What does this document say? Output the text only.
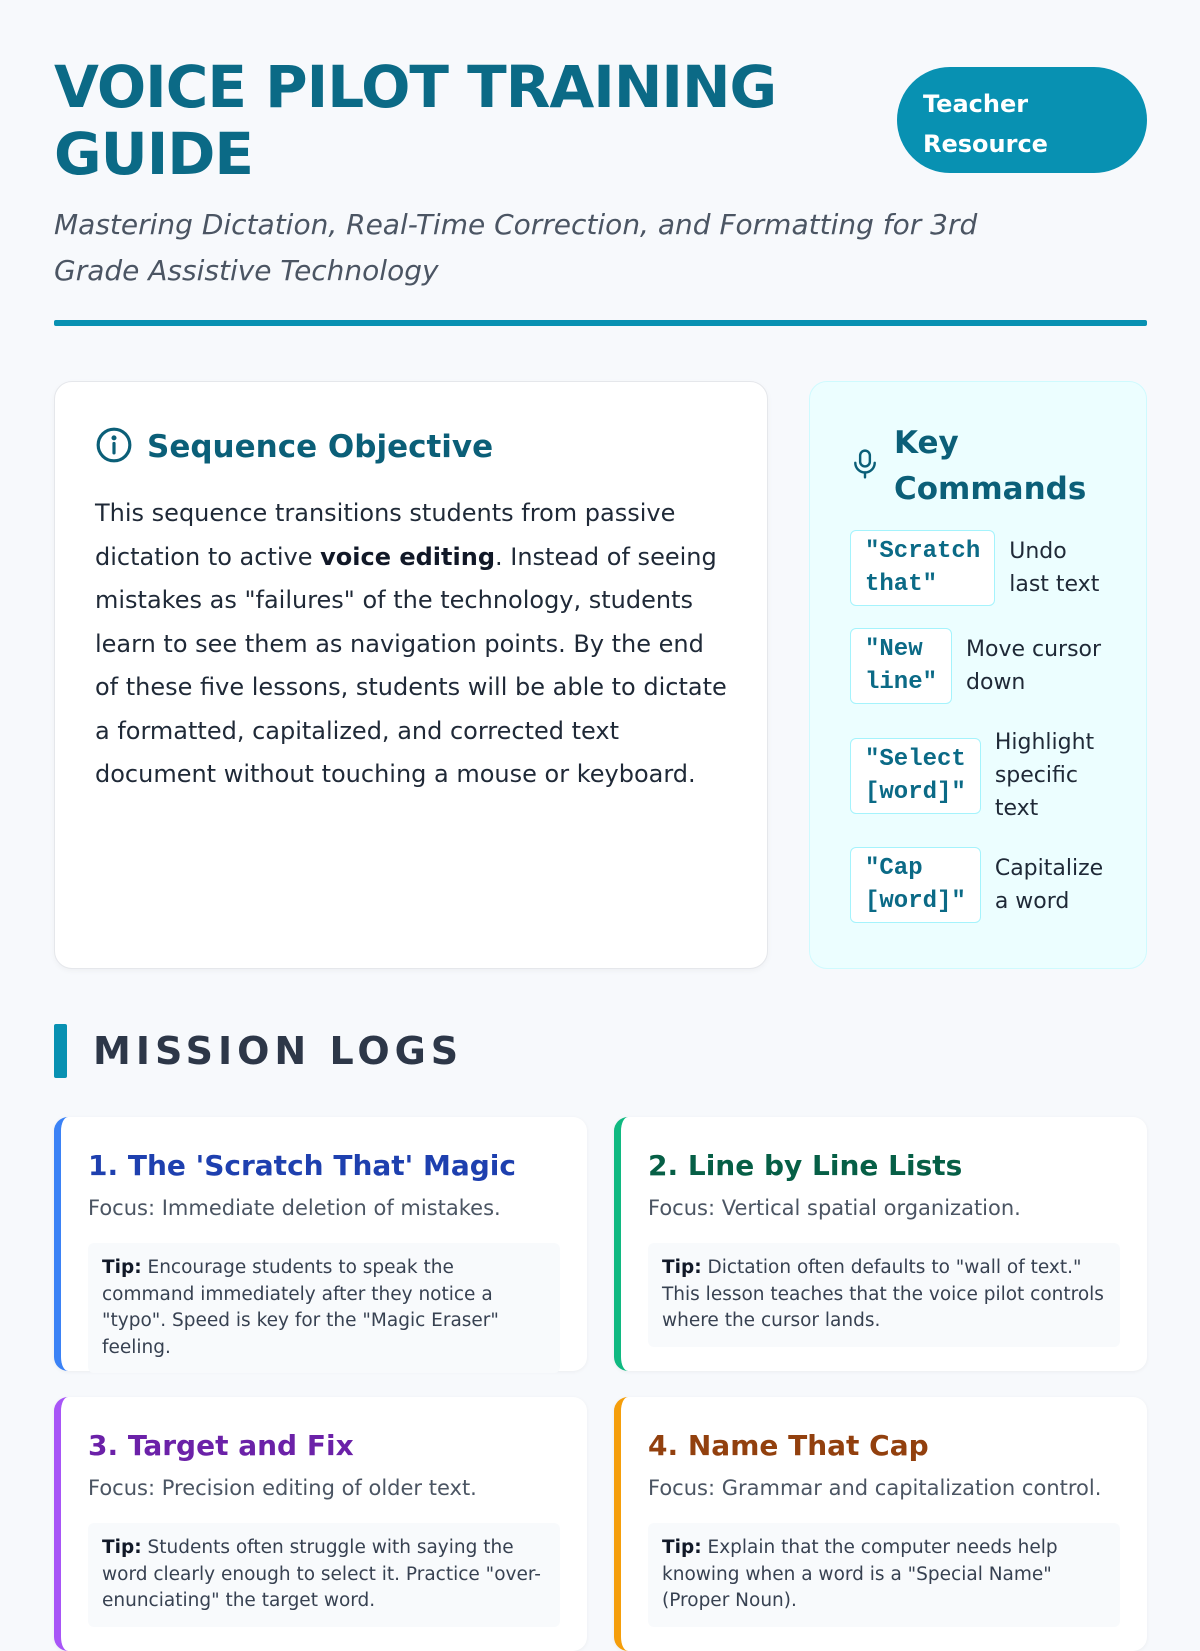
VOICE PILOT TRAINING GUIDE
Teacher Resource

Mastering Dictation, Real-Time Correction, and Formatting for 3rd Grade Assistive Technology

Sequence Objective

This sequence transitions students from passive dictation to active voice editing. Instead of seeing mistakes as "failures" of the technology, students learn to see them as navigation points. By the end of these five lessons, students will be able to dictate a formatted, capitalized, and corrected text document without touching a mouse or keyboard.

Key Commands
"Scratch
that"
Undo last text
"New
line"
Move cursor down
"Select
[word]"
Highlight specific text
"Cap
[word]"
Capitalize a word
MISSION LOGS
1. The 'Scratch That' Magic

Focus: Immediate deletion of mistakes.

Tip: Encourage students to speak the command immediately after they notice a "typo". Speed is key for the "Magic Eraser" feeling.
2. Line by Line Lists

Focus: Vertical spatial organization.

Tip: Dictation often defaults to "wall of text." This lesson teaches that the voice pilot controls where the cursor lands.
3. Target and Fix

Focus: Precision editing of older text.

Tip: Students often struggle with saying the word clearly enough to select it. Practice "over-enunciating" the target word.
4. Name That Cap

Focus: Grammar and capitalization control.

Tip: Explain that the computer needs help knowing when a word is a "Special Name" (Proper Noun).
